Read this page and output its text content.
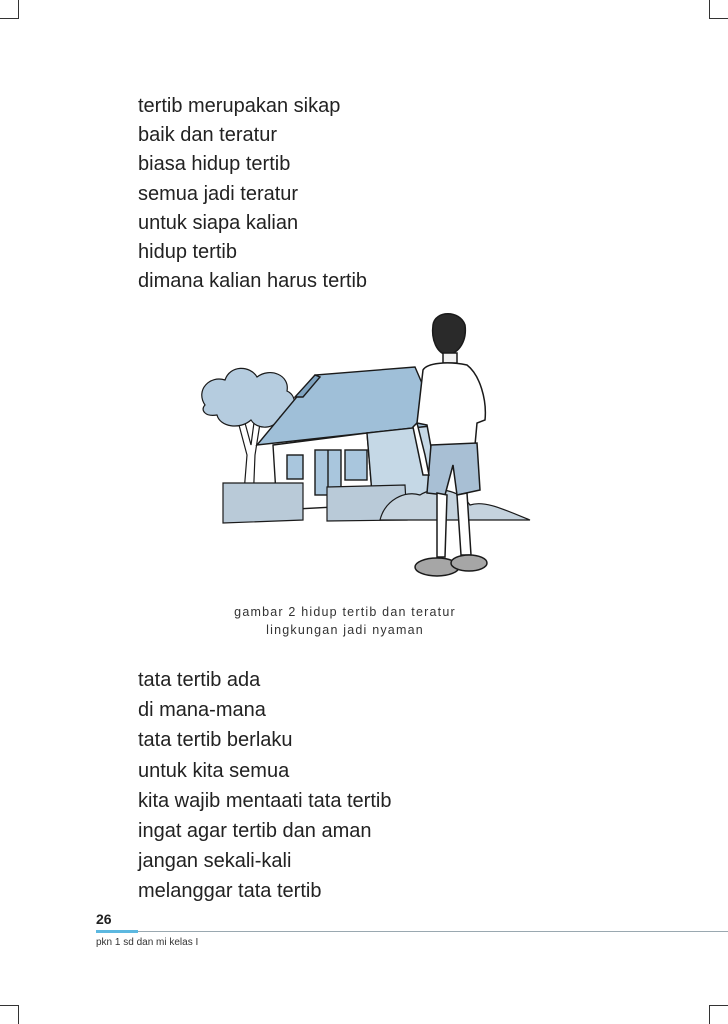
tertib merupakan sikap
baik dan teratur
biasa hidup tertib
semua jadi teratur
untuk siapa kalian
hidup tertib
dimana kalian harus tertib
gambar 2 hidup tertib dan teratur
lingkungan jadi nyaman
tata tertib ada
di mana-mana
tata tertib berlaku
untuk kita semua
kita wajib mentaati tata tertib
ingat agar tertib dan aman
jangan sekali-kali
melanggar tata tertib
26
pkn 1 sd dan mi kelas I
